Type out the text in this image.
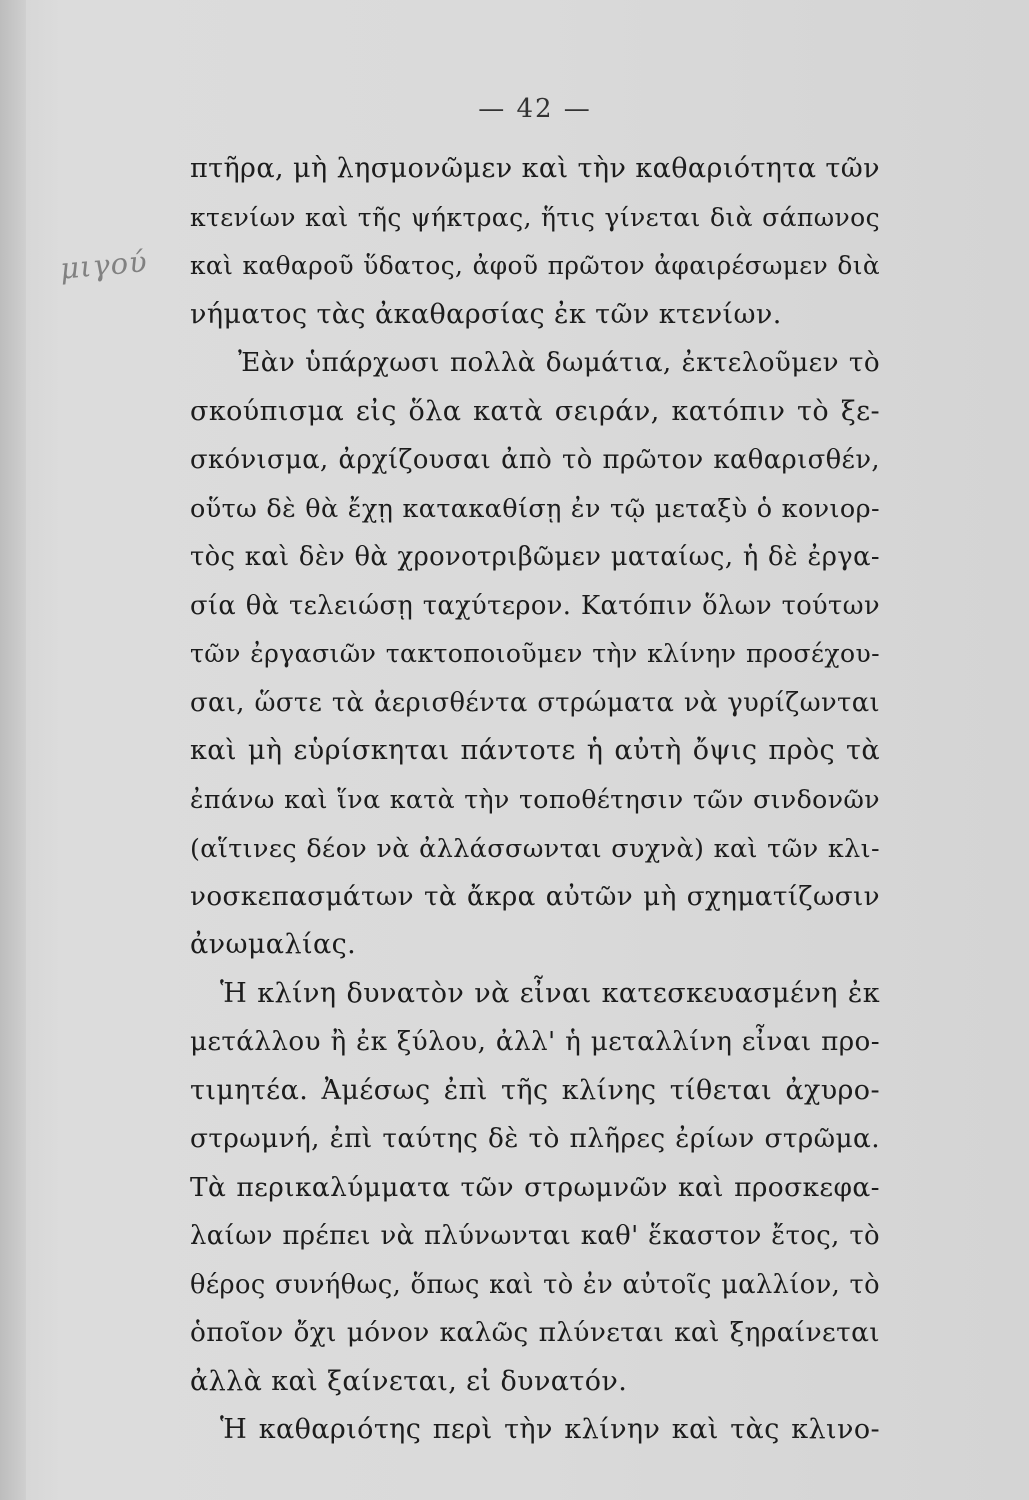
μιγού
— 42 —
πτῆρα, μὴ λησμονῶμεν καὶ τὴν καθαριότητα τῶν
κτενίων καὶ τῆς ψήκτρας, ἥτις γίνεται διὰ σάπωνος
καὶ καθαροῦ ὕδατος, ἀφοῦ πρῶτον ἀφαιρέσωμεν διὰ
νήματος τὰς ἀκαθαρσίας ἐκ τῶν κτενίων.
Ἐὰν ὑπάρχωσι πολλὰ δωμάτια, ἐκτελοῦμεν τὸ
σκούπισμα εἰς ὅλα κατὰ σειράν, κατόπιν τὸ ξε-
σκόνισμα, ἀρχίζουσαι ἀπὸ τὸ πρῶτον καθαρισθέν,
οὕτω δὲ θὰ ἔχῃ κατακαθίσῃ ἐν τῷ μεταξὺ ὁ κονιορ-
τὸς καὶ δὲν θὰ χρονοτριβῶμεν ματαίως, ἡ δὲ ἐργα-
σία θὰ τελειώσῃ ταχύτερον. Κατόπιν ὅλων τούτων
τῶν ἐργασιῶν τακτοποιοῦμεν τὴν κλίνην προσέχου-
σαι, ὥστε τὰ ἀερισθέντα στρώματα νὰ γυρίζωνται
καὶ μὴ εὑρίσκηται πάντοτε ἡ αὐτὴ ὄψις πρὸς τὰ
ἐπάνω καὶ ἵνα κατὰ τὴν τοποθέτησιν τῶν σινδονῶν
(αἵτινες δέον νὰ ἀλλάσσωνται συχνὰ) καὶ τῶν κλι-
νοσκεπασμάτων τὰ ἄκρα αὐτῶν μὴ σχηματίζωσιν
ἀνωμαλίας.
Ἡ κλίνη δυνατὸν νὰ εἶναι κατεσκευασμένη ἐκ
μετάλλου ἢ ἐκ ξύλου, ἀλλ' ἡ μεταλλίνη εἶναι προ-
τιμητέα. Ἀμέσως ἐπὶ τῆς κλίνης τίθεται ἀχυρο-
στρωμνή, ἐπὶ ταύτης δὲ τὸ πλῆρες ἐρίων στρῶμα.
Τὰ περικαλύμματα τῶν στρωμνῶν καὶ προσκεφα-
λαίων πρέπει νὰ πλύνωνται καθ' ἕκαστον ἔτος, τὸ
θέρος συνήθως, ὅπως καὶ τὸ ἐν αὐτοῖς μαλλίον, τὸ
ὁποῖον ὄχι μόνον καλῶς πλύνεται καὶ ξηραίνεται
ἀλλὰ καὶ ξαίνεται, εἰ δυνατόν.
Ἡ καθαριότης περὶ τὴν κλίνην καὶ τὰς κλινο-
